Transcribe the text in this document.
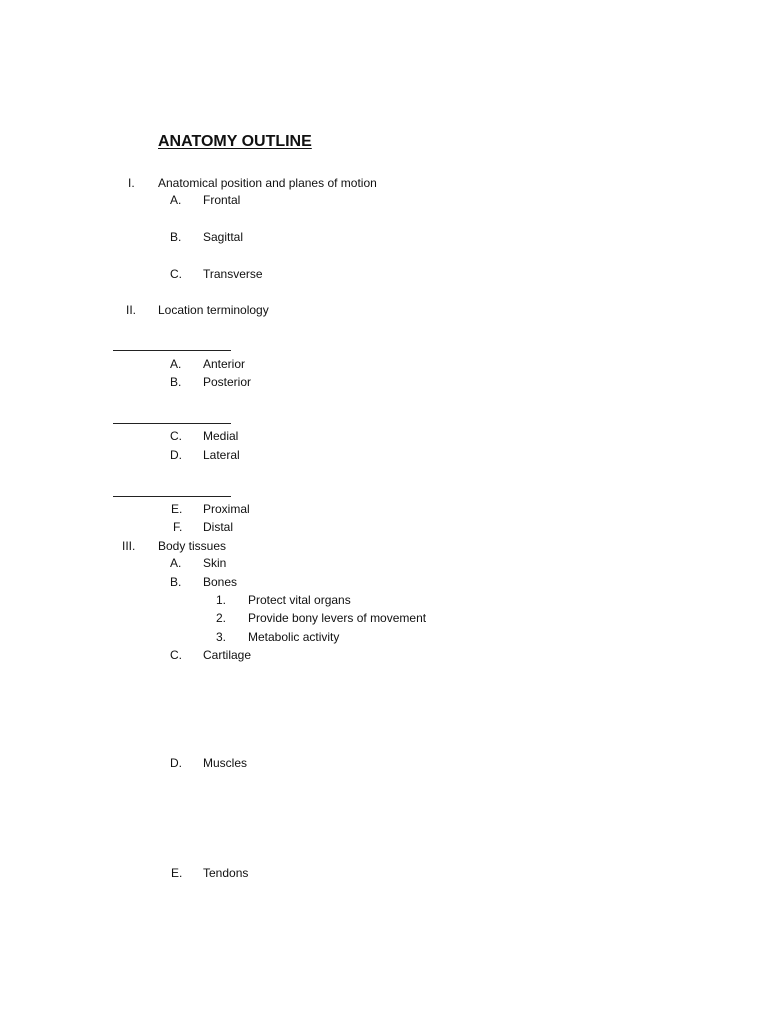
ANATOMY OUTLINE
I. Anatomical position and planes of motion
A. Frontal
B. Sagittal
C. Transverse
II. Location terminology
A. Anterior
B. Posterior
C. Medial
D. Lateral
E. Proximal
F. Distal
III. Body tissues
A. Skin
B. Bones
1. Protect vital organs
2. Provide bony levers of movement
3. Metabolic activity
C. Cartilage
D. Muscles
E. Tendons
